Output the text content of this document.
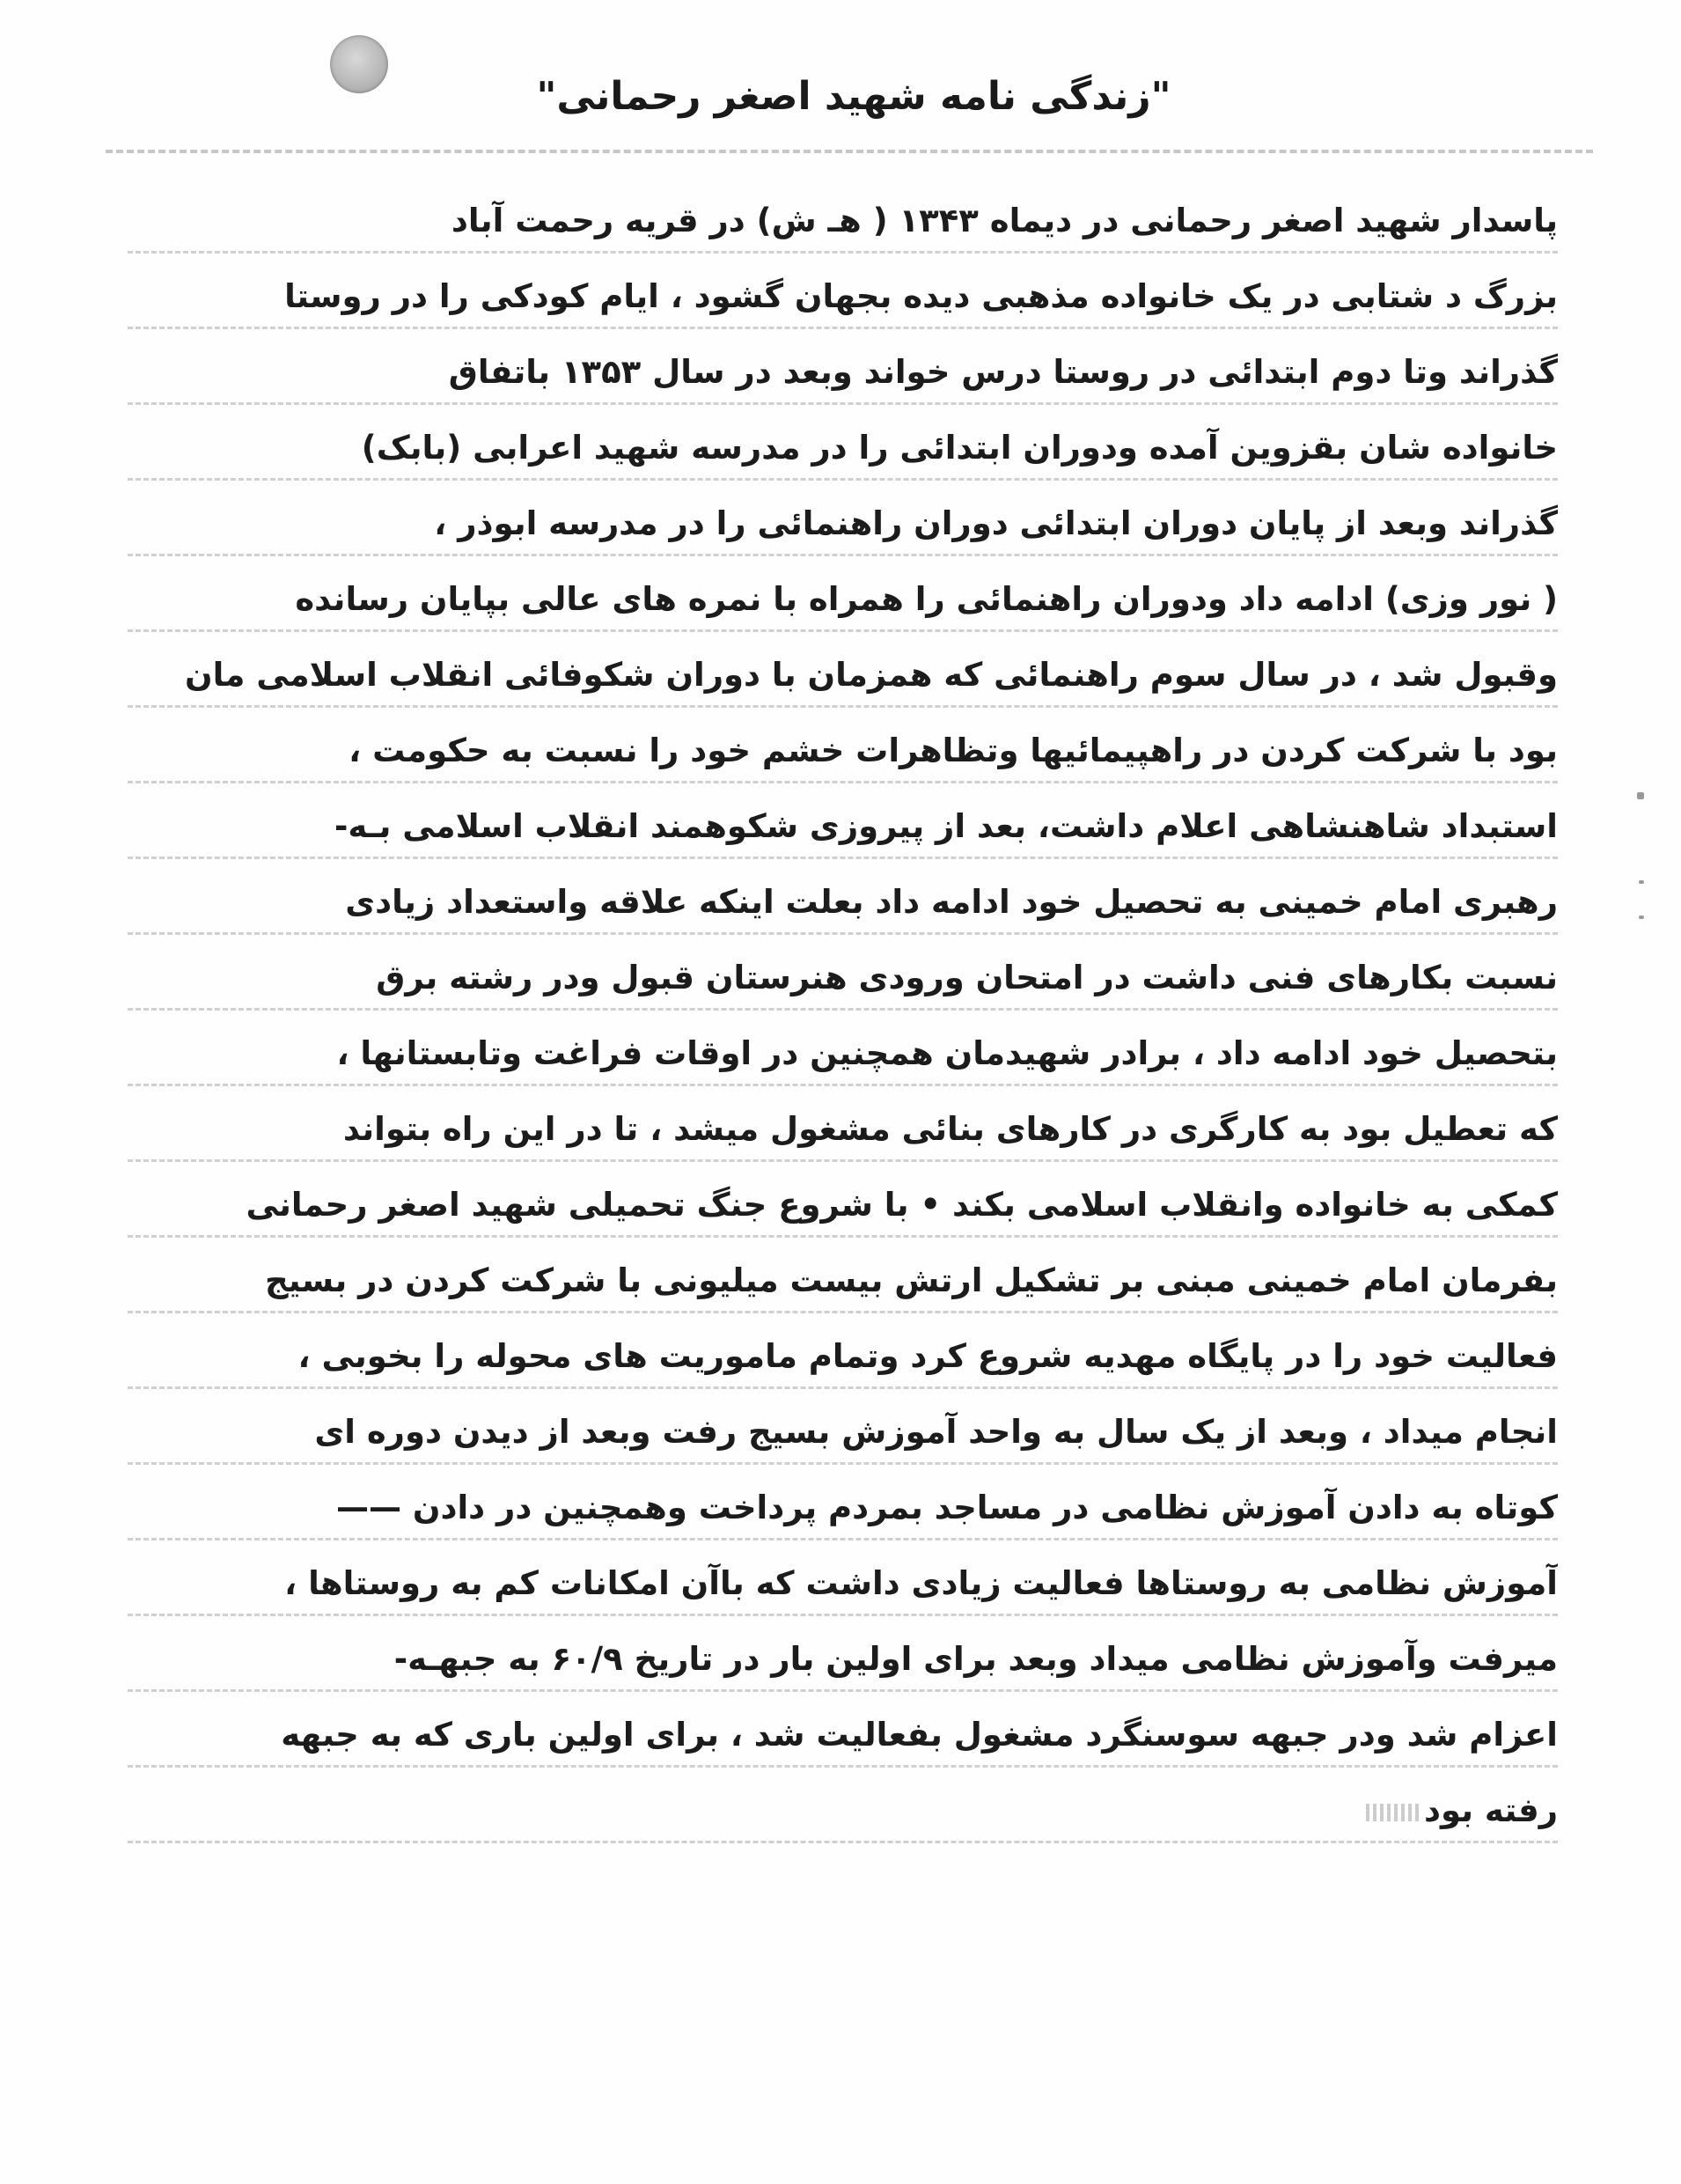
"زندگی نامه شهید اصغر رحمانی"
پاسدار شهید اصغر رحمانی در دیماه ۱۳۴۳ ( هـ ش) در قریه رحمت آباد
بزرگ د شتابی در یک خانواده مذهبی دیده بجهان گشود ، ایام کودکی را در روستا
گذراند وتا دوم ابتدائی در روستا درس خواند وبعد در سال ۱۳۵۳ باتفاق
خانواده شان بقزوین آمده ودوران ابتدائی را در مدرسه شهید اعرابی (بابک)
گذراند وبعد از پایان دوران ابتدائی دوران راهنمائی را در مدرسه ابوذر ،
( نور وزی) ادامه داد ودوران راهنمائی را همراه با نمره های عالی بپایان رسانده
وقبول شد ، در سال سوم راهنمائی که همزمان با دوران شکوفائی انقلاب اسلامی مان
بود با شرکت کردن در راهپیمائیها وتظاهرات خشم خود را نسبت به حکومت ،
استبداد شاهنشاهی اعلام داشت، بعد از پیروزی شکوهمند انقلاب اسلامی بـه-
رهبری امام خمینی به تحصیل خود ادامه داد بعلت اینکه علاقه واستعداد زیادی
نسبت بکارهای فنی داشت در امتحان ورودی هنرستان قبول ودر رشته برق
بتحصیل خود ادامه داد ، برادر شهیدمان همچنین در اوقات فراغت وتابستانها ،
که تعطیل بود به کارگری در کارهای بنائی مشغول میشد ، تا در این راه بتواند
کمکی به خانواده وانقلاب اسلامی بکند • با شروع جنگ تحمیلی شهید اصغر رحمانی
بفرمان امام خمینی مبنی بر تشکیل ارتش بیست میلیونی با شرکت کردن در بسیج
فعالیت خود را در پایگاه مهدیه شروع کرد وتمام ماموریت های محوله را بخوبی ،
انجام میداد ، وبعد از یک سال به واحد آموزش بسیج رفت وبعد از دیدن دوره ای
کوتاه به دادن آموزش نظامی در مساجد بمردم پرداخت وهمچنین در دادن ——
آموزش نظامی به روستاها فعالیت زیادی داشت که باآن امکانات کم به روستاها ،
میرفت وآموزش نظامی میداد وبعد برای اولین بار در تاریخ ۶۰/۹ به جبهـه-
اعزام شد ودر جبهه سوسنگرد مشغول بفعالیت شد ، برای اولین باری که به جبهه
رفته بود
